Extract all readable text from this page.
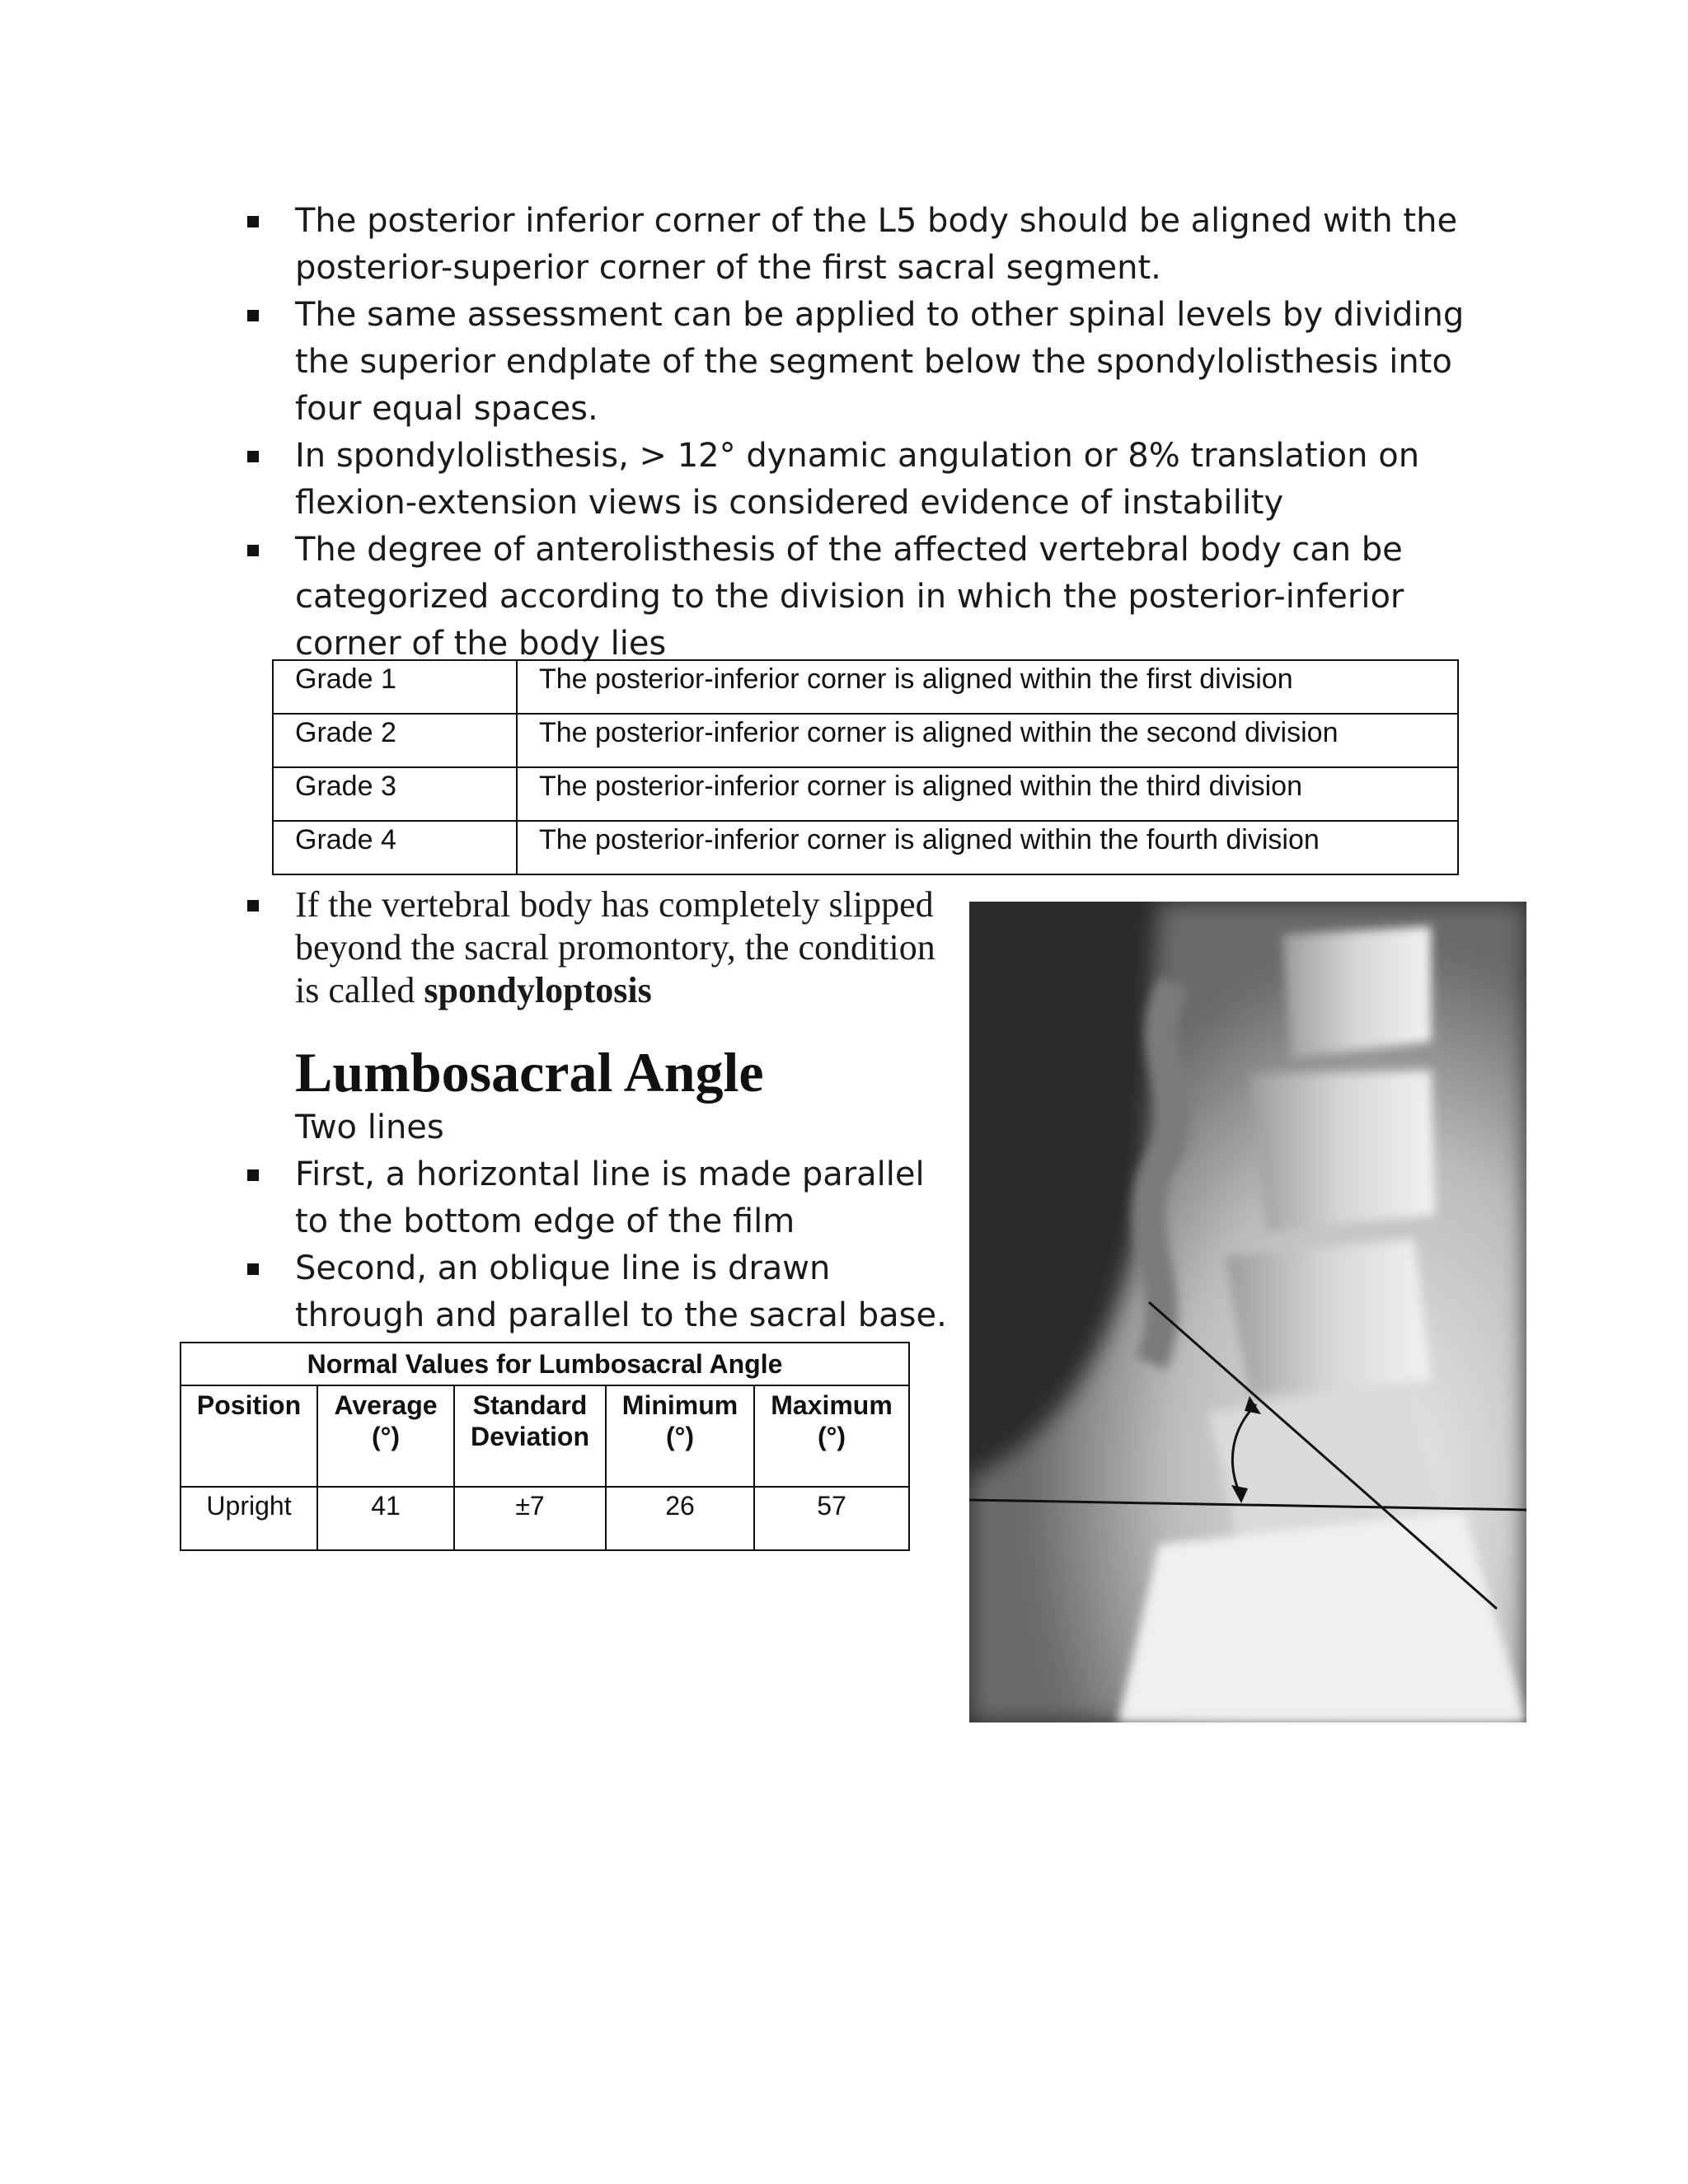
The posterior inferior corner of the L5 body should be aligned with the posterior-superior corner of the first sacral segment.
The same assessment can be applied to other spinal levels by dividing the superior endplate of the segment below the spondylolisthesis into four equal spaces.
In spondylolisthesis, > 12° dynamic angulation or 8% translation on flexion-extension views is considered evidence of instability
The degree of anterolisthesis of the affected vertebral body can be categorized according to the division in which the posterior-inferior corner of the body lies
Grade 1	The posterior-inferior corner is aligned within the first division
Grade 2	The posterior-inferior corner is aligned within the second division
Grade 3	The posterior-inferior corner is aligned within the third division
Grade 4	The posterior-inferior corner is aligned within the fourth division
If the vertebral body has completely slipped beyond the sacral promontory, the condition is called spondyloptosis
Lumbosacral Angle
Two lines
First, a horizontal line is made parallel to the bottom edge of the film
Second, an oblique line is drawn through and parallel to the sacral base.
Normal Values for Lumbosacral Angle				
Position	Average (°)	Standard Deviation	Minimum (°)	Maximum (°)
Upright	41	±7	26	57
